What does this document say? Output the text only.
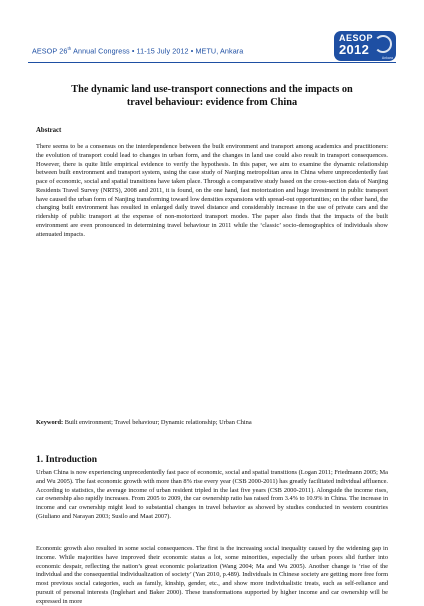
AESOP 26th Annual Congress • 11-15 July 2012 • METU, Ankara
AESOP
2012
Ankara
The dynamic land use-transport connections and the impacts on travel behaviour: evidence from China
Abstract

There seems to be a consensus on the interdependence between the built environment and transport among academics and practitioners: the evolution of transport could lead to changes in urban form, and the changes in land use could also result in transport consequences. However, there is quite little empirical evidence to verify the hypothesis. In this paper, we aim to examine the dynamic relationship between built environment and transport system, using the case study of Nanjing metropolitan area in China where unprecedentedly fast pace of economic, social and spatial transitions have taken place. Through a comparative study based on the cross-section data of Nanjing Residents Travel Survey (NRTS), 2008 and 2011, it is found, on the one hand, fast motorization and huge investment in public transport have caused the urban form of Nanjing transforming toward low densities expansions with spread-out opportunities; on the other hand, the changing built environment has resulted in enlarged daily travel distance and considerably increase in the use of private cars and the ridership of public transport at the expense of non-motorized transport modes. The paper also finds that the impacts of the built environment are even pronounced in determining travel behaviour in 2011 while the ‘classic’ socio-demographics of individuals show attenuated impacts.

Keyword: Built environment; Travel behaviour; Dynamic relationship; Urban China
1. Introduction

Urban China is now experiencing unprecedentedly fast pace of economic, social and spatial transitions (Logan 2011; Friedmann 2005; Ma and Wu 2005). The fast economic growth with more than 8% rise every year (CSB 2000-2011) has greatly facilitated individual affluence. According to statistics, the average income of urban resident tripled in the last five years (CSB 2000-2011). Alongside the income rises, car ownership also rapidly increases. From 2005 to 2009, the car ownership ratio has raised from 3.4% to 10.9% in China. The increase in income and car ownership might lead to substantial changes in travel behavior as showed by studies conducted in western countries (Giuliano and Narayan 2003; Susilo and Maat 2007).

Economic growth also resulted in some social consequences. The first is the increasing social inequality caused by the widening gap in income. While majorities have improved their economic status a lot, some minorities, especially the urban poors slid further into economic despair, reflecting the nation’s great economic polarization (Wang 2004; Ma and Wu 2005). Another change is ‘rise of the individual and the consequential individualization of society’ (Yan 2010, p.489). Individuals in Chinese society are getting more free form most previous social categories, such as family, kinship, gender, etc., and show more individualistic treats, such as self-reliance and pursuit of personal interests (Inglehart and Baker 2000). These transformations supported by higher income and car ownership will be expressed in more
